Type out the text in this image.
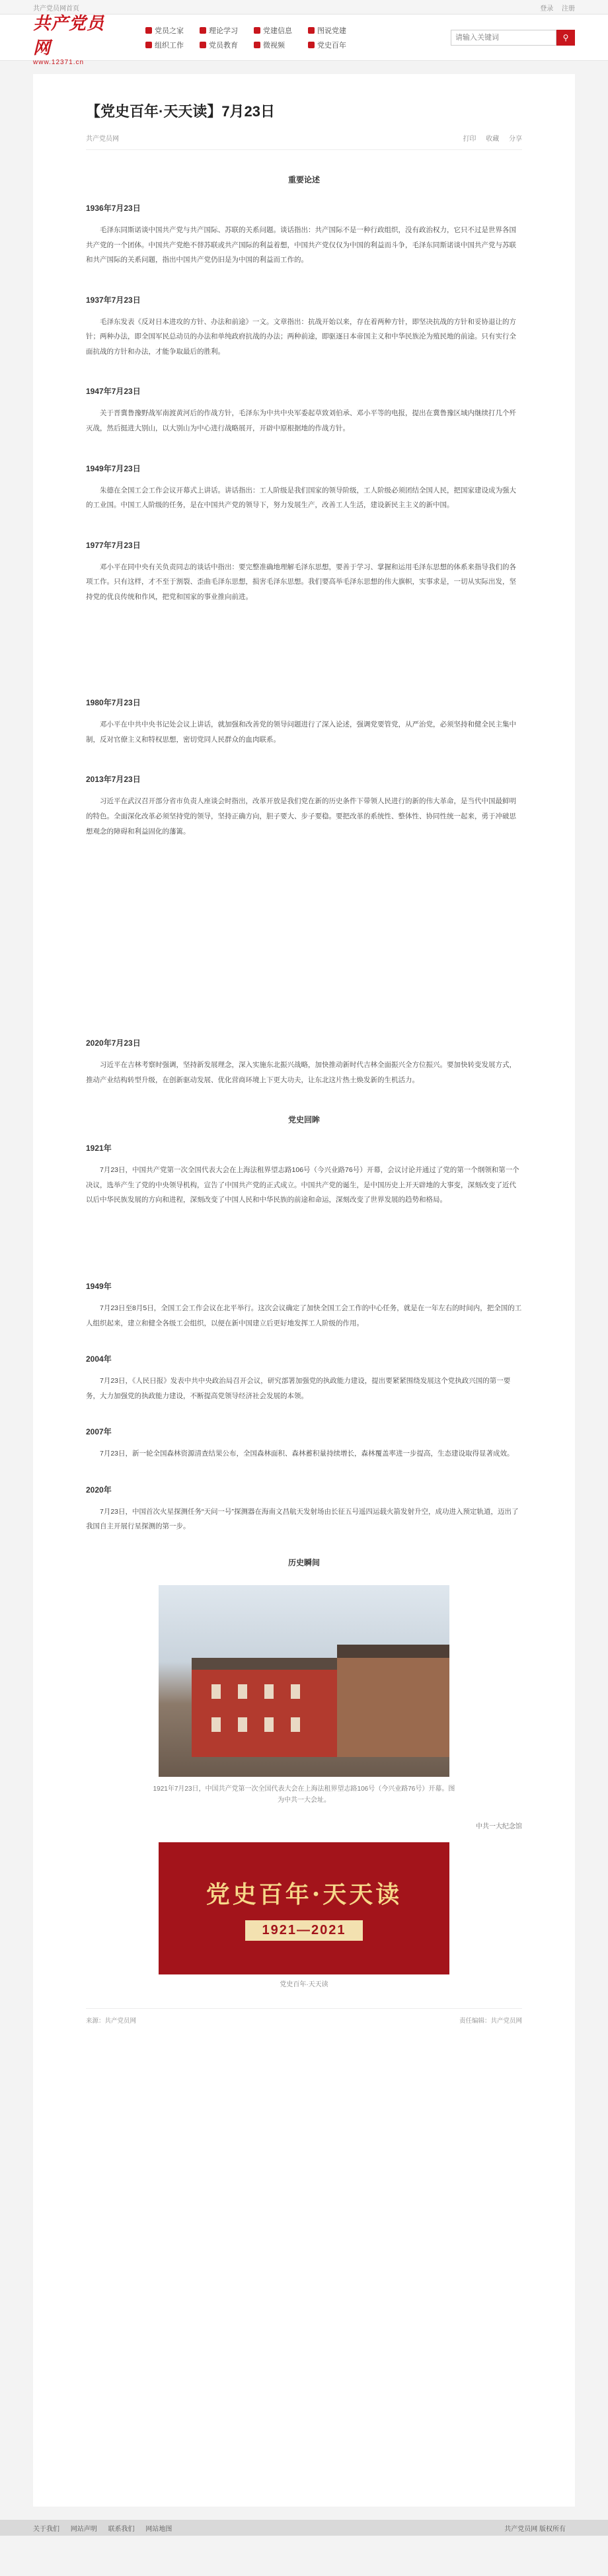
共产党员网首页	登录 注册
共产党员网
www.12371.cn
党员之家	理论学习	党建信息	图说党建
组织工作	党员教育	微视频	党史百年
请输入关键词
⚲
【党史百年·天天读】7月23日
共产党员网	打印 收藏 分享
重要论述
1936年7月23日
毛泽东同斯诺谈中国共产党与共产国际、苏联的关系问题。谈话指出：共产国际不是一种行政组织，没有政治权力，它只不过是世界各国共产党的一个团体。中国共产党绝不替苏联或共产国际的利益着想，中国共产党仅仅为中国的利益而斗争，毛泽东同斯诺谈中国共产党与苏联和共产国际的关系问题，指出中国共产党仍旧是为中国的利益而工作的。
1937年7月23日
毛泽东发表《反对日本进攻的方针、办法和前途》一文。文章指出：抗战开始以来，存在着两种方针，即坚决抗战的方针和妥协退让的方针；两种办法，即全国军民总动员的办法和单纯政府抗战的办法；两种前途，即驱逐日本帝国主义和中华民族沦为殖民地的前途。只有实行全面抗战的方针和办法，才能争取最后的胜利。
1947年7月23日
关于晋冀鲁豫野战军南渡黄河后的作战方针，毛泽东为中共中央军委起草致刘伯承、邓小平等的电报，提出在冀鲁豫区域内继续打几个歼灭战，然后挺进大别山，以大别山为中心进行战略展开，开辟中原根据地的作战方针。
1949年7月23日
朱德在全国工会工作会议开幕式上讲话。讲话指出：工人阶级是我们国家的领导阶级，工人阶级必须团结全国人民，把国家建设成为强大的工业国。中国工人阶级的任务，是在中国共产党的领导下，努力发展生产，改善工人生活，建设新民主主义的新中国。
1977年7月23日
邓小平在同中央有关负责同志的谈话中指出：要完整准确地理解毛泽东思想，要善于学习、掌握和运用毛泽东思想的体系来指导我们的各项工作。只有这样，才不至于割裂、歪曲毛泽东思想，损害毛泽东思想。我们要高举毛泽东思想的伟大旗帜，实事求是，一切从实际出发，坚持党的优良传统和作风，把党和国家的事业推向前进。
1980年7月23日
邓小平在中共中央书记处会议上讲话，就加强和改善党的领导问题进行了深入论述，强调党要管党，从严治党，必须坚持和健全民主集中制，反对官僚主义和特权思想，密切党同人民群众的血肉联系。
2013年7月23日
习近平在武汉召开部分省市负责人座谈会时指出，改革开放是我们党在新的历史条件下带领人民进行的新的伟大革命，是当代中国最鲜明的特色。全面深化改革必须坚持党的领导，坚持正确方向，胆子要大、步子要稳。要把改革的系统性、整体性、协同性统一起来，勇于冲破思想观念的障碍和利益固化的藩篱。
2020年7月23日
习近平在吉林考察时强调，坚持新发展理念，深入实施东北振兴战略，加快推动新时代吉林全面振兴全方位振兴。要加快转变发展方式，推动产业结构转型升级，在创新驱动发展、优化营商环境上下更大功夫，让东北这片热土焕发新的生机活力。
党史回眸
1921年
7月23日，中国共产党第一次全国代表大会在上海法租界望志路106号（今兴业路76号）开幕，会议讨论并通过了党的第一个纲领和第一个决议，选举产生了党的中央领导机构，宣告了中国共产党的正式成立。中国共产党的诞生，是中国历史上开天辟地的大事变，深刻改变了近代以后中华民族发展的方向和进程，深刻改变了中国人民和中华民族的前途和命运，深刻改变了世界发展的趋势和格局。
1949年
7月23日至8月5日，全国工会工作会议在北平举行。这次会议确定了加快全国工会工作的中心任务，就是在一年左右的时间内，把全国的工人组织起来，建立和健全各级工会组织，以便在新中国建立后更好地发挥工人阶级的作用。
2004年
7月23日，《人民日报》发表中共中央政治局召开会议，研究部署加强党的执政能力建设，提出要紧紧围绕发展这个党执政兴国的第一要务，大力加强党的执政能力建设，不断提高党领导经济社会发展的本领。
2007年
7月23日，新一轮全国森林资源清查结果公布，全国森林面积、森林蓄积量持续增长，森林覆盖率进一步提高，生态建设取得显著成效。
2020年
7月23日，中国首次火星探测任务“天问一号”探测器在海南文昌航天发射场由长征五号遥四运载火箭发射升空，成功进入预定轨道，迈出了我国自主开展行星探测的第一步。
历史瞬间
1921年7月23日，中国共产党第一次全国代表大会在上海法租界望志路106号（今兴业路76号）开幕。图为中共一大会址。
中共一大纪念馆
党史百年·天天读
1921—2021
党史百年·天天读
来源：共产党员网	责任编辑：共产党员网
关于我们 网站声明 联系我们 网站地图	共产党员网 版权所有
